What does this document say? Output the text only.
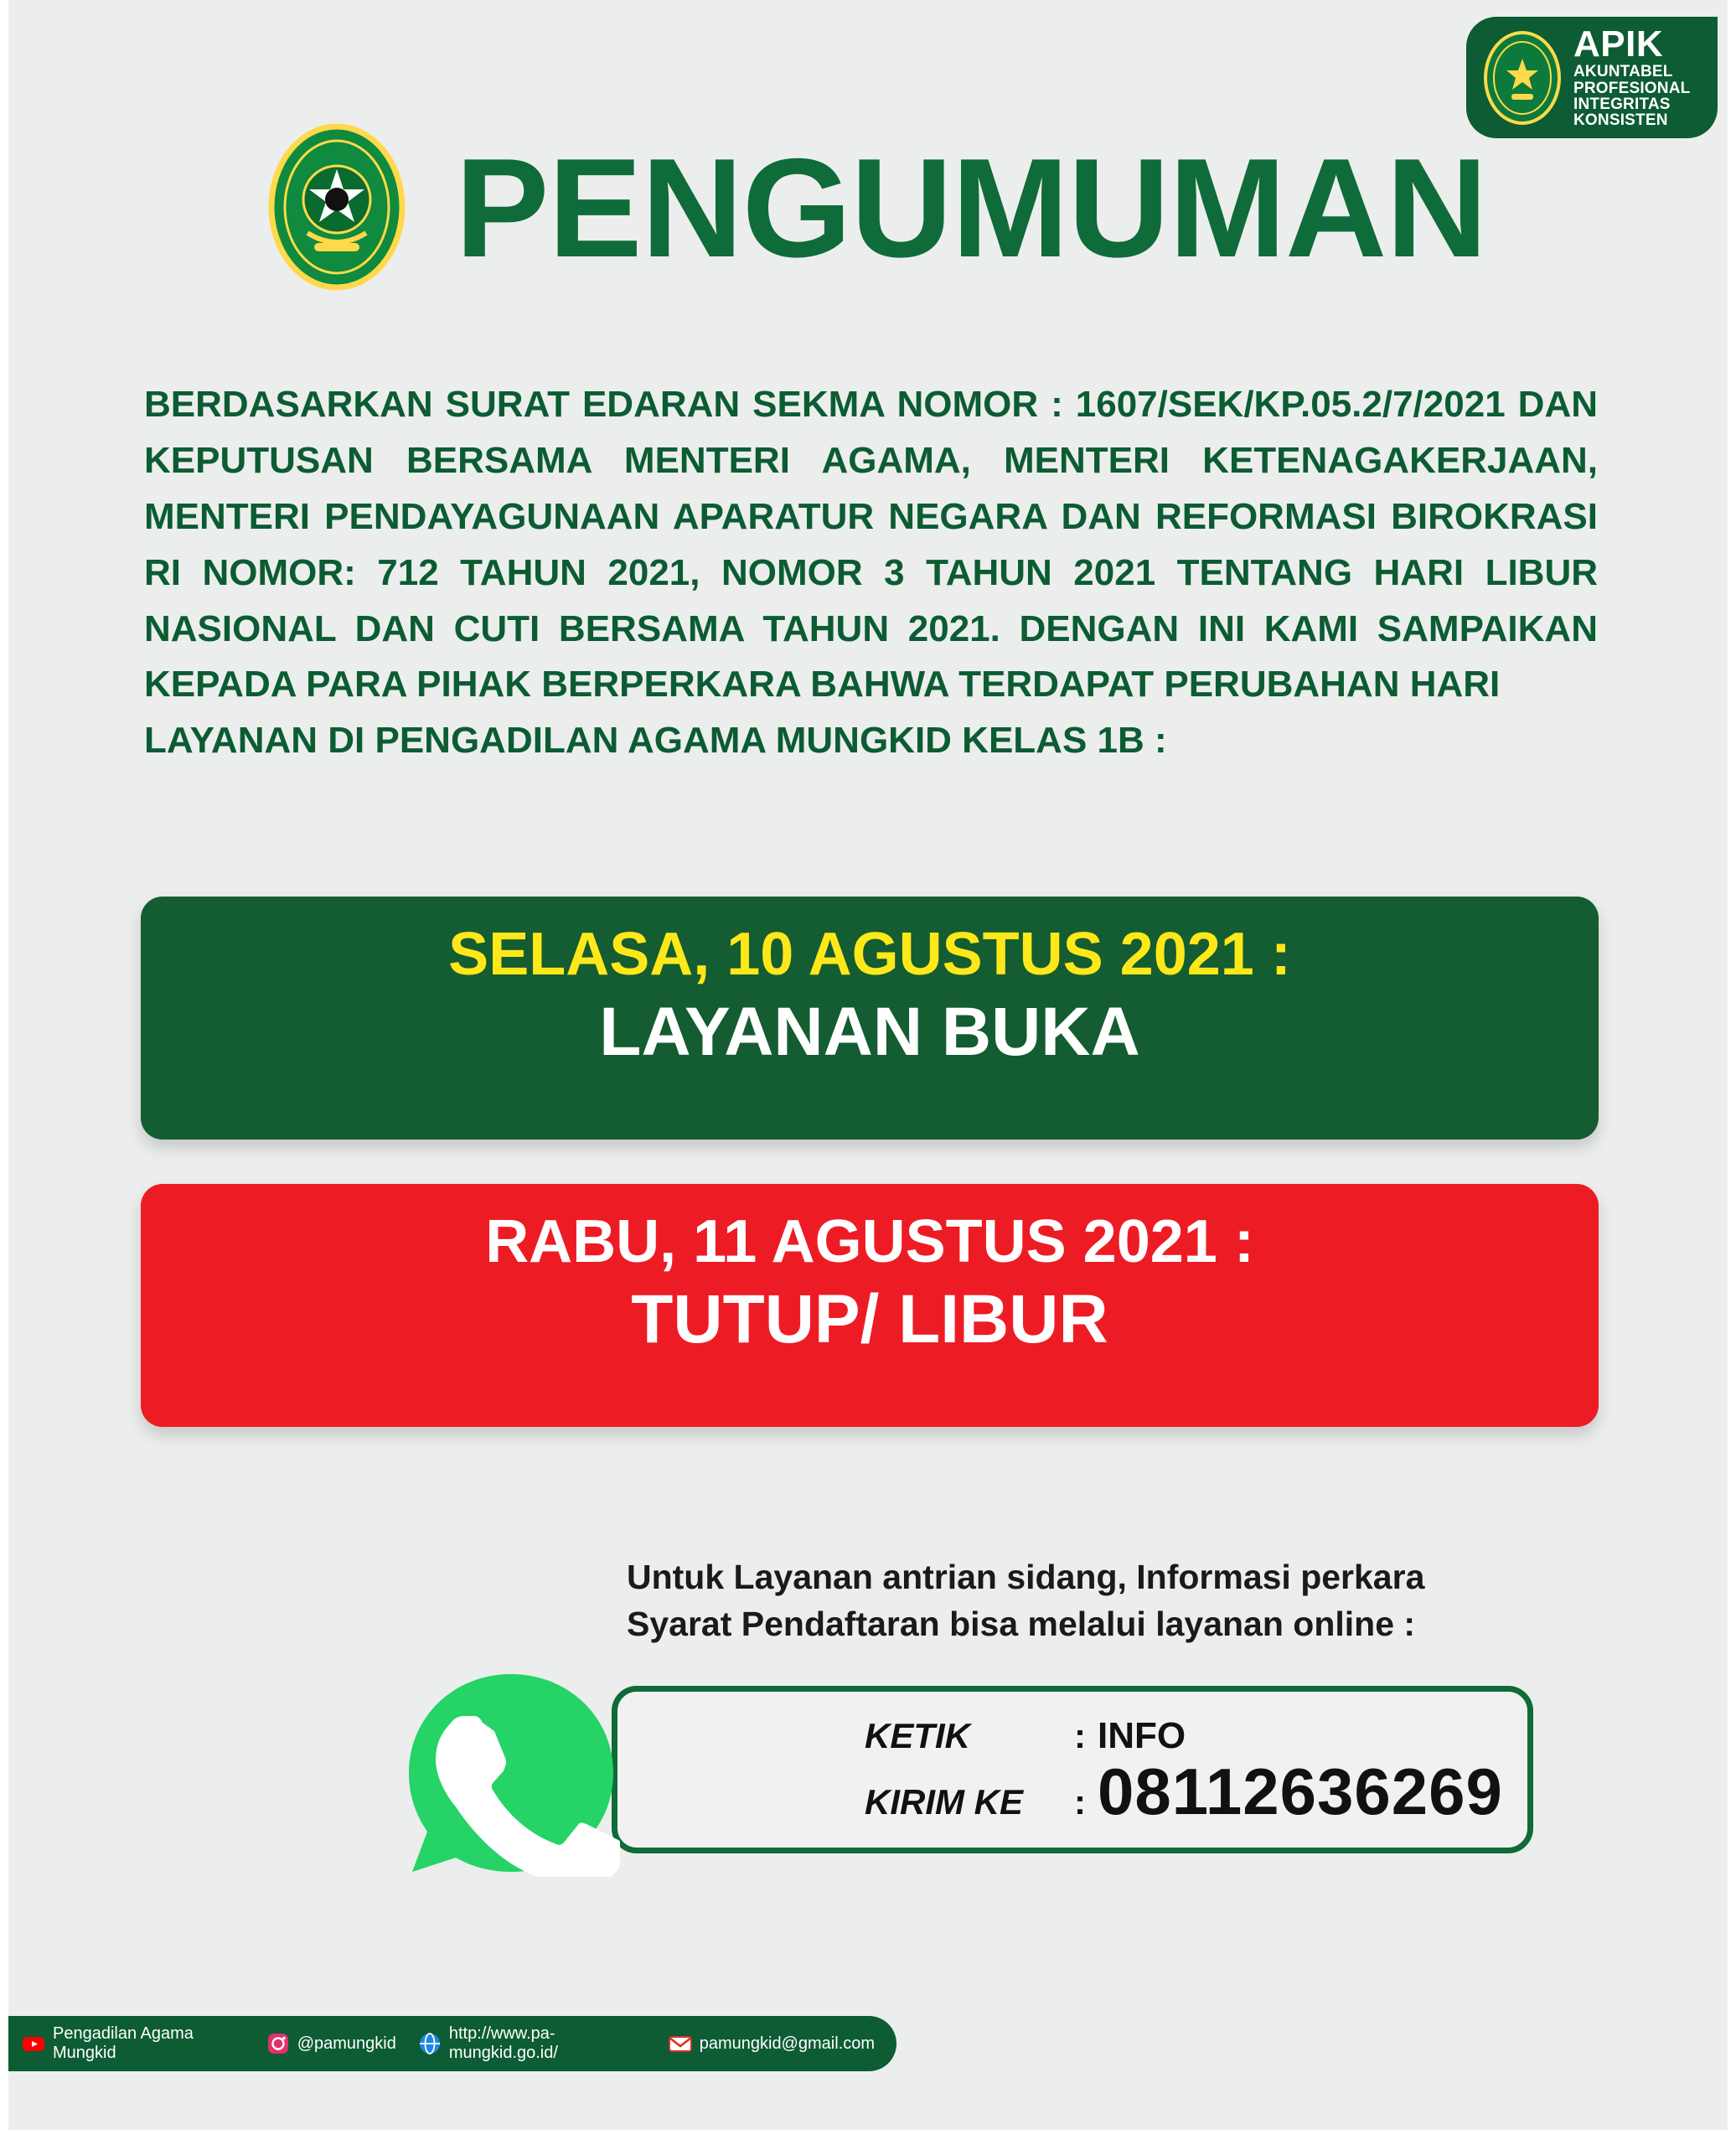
APIK
AKUNTABEL
PROFESIONAL
INTEGRITAS
KONSISTEN
PENGUMUMAN

BERDASARKAN SURAT EDARAN SEKMA NOMOR : 1607/SEK/KP.05.2/7/2021 DAN KEPUTUSAN BERSAMA MENTERI AGAMA, MENTERI KETENAGAKERJAAN, MENTERI PENDAYAGUNAAN APARATUR NEGARA DAN REFORMASI BIROKRASI RI NOMOR: 712 TAHUN 2021, NOMOR 3 TAHUN 2021 TENTANG HARI LIBUR NASIONAL DAN CUTI BERSAMA TAHUN 2021. DENGAN INI KAMI SAMPAIKAN KEPADA PARA PIHAK BERPERKARA BAHWA TERDAPAT PERUBAHAN HARI

LAYANAN DI PENGADILAN AGAMA MUNGKID KELAS 1B :

SELASA, 10 AGUSTUS 2021 :
LAYANAN BUKA
RABU, 11 AGUSTUS 2021 :
TUTUP/ LIBUR
Untuk Layanan antrian sidang, Informasi perkara
Syarat Pendaftaran bisa melalui layanan online :
KETIK	: INFO
KIRIM KE	: 08112636269
Pengadilan Agama Mungkid
@pamungkid
http://www.pa-mungkid.go.id/
pamungkid@gmail.com
